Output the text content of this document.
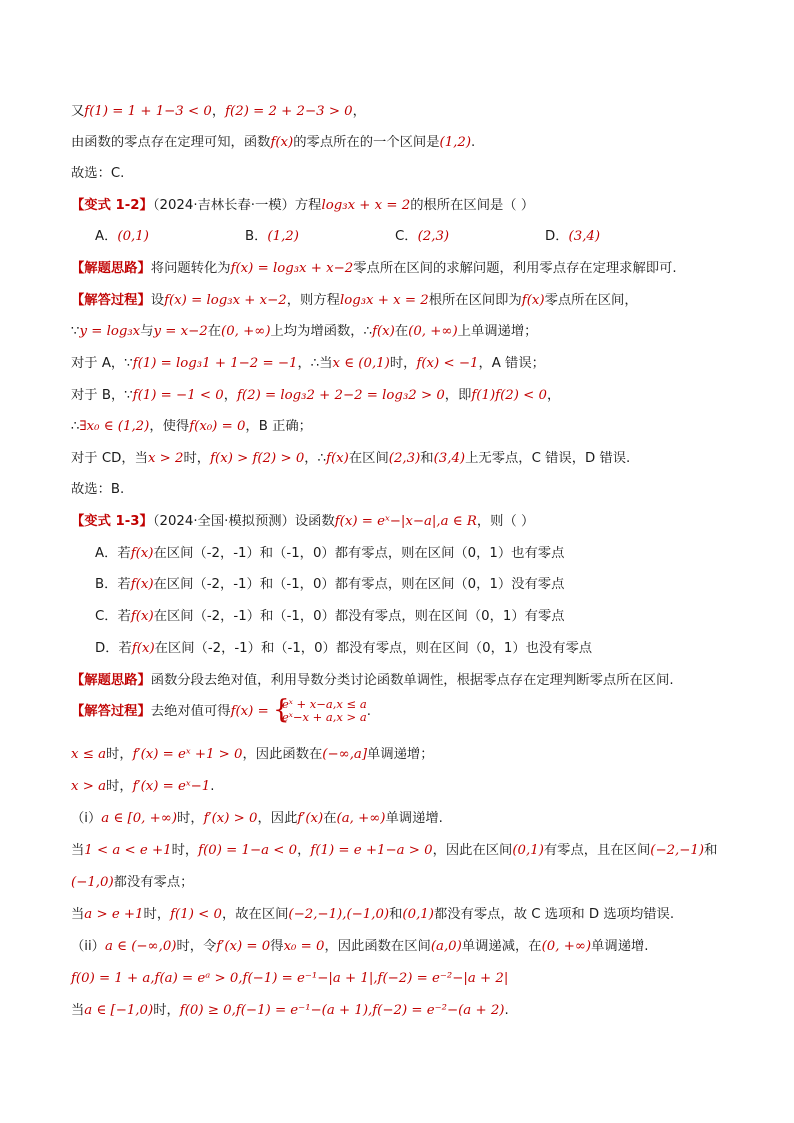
又f(1) = 1 + 1−3 < 0，f(2) = 2 + 2−3 > 0，
由函数的零点存在定理可知，函数f(x)的零点所在的一个区间是(1,2).
故选：C.
【变式 1-2】（2024·吉林长春·一模）方程log₃x + x = 2的根所在区间是（ ）
A．(0,1)	B．(1,2)	C．(2,3)	D．(3,4)
【解题思路】将问题转化为f(x) = log₃x + x−2零点所在区间的求解问题，利用零点存在定理求解即可.
【解答过程】设f(x) = log₃x + x−2，则方程log₃x + x = 2根所在区间即为f(x)零点所在区间，
∵y = log₃x与y = x−2在(0, +∞)上均为增函数，∴f(x)在(0, +∞)上单调递增；
对于 A，∵f(1) = log₃1 + 1−2 = −1，∴当x ∈ (0,1)时，f(x) < −1，A 错误；
对于 B，∵f(1) = −1 < 0，f(2) = log₃2 + 2−2 = log₃2 > 0，即f(1)f(2) < 0，
∴∃x₀ ∈ (1,2)，使得f(x₀) = 0，B 正确；
对于 CD，当x > 2时，f(x) > f(2) > 0，∴f(x)在区间(2,3)和(3,4)上无零点，C 错误，D 错误.
故选：B.
【变式 1-3】（2024·全国·模拟预测）设函数f(x) = eˣ−|x−a|,a ∈ R，则（ ）
A．若f(x)在区间（-2，-1）和（-1，0）都有零点，则在区间（0，1）也有零点
B．若f(x)在区间（-2，-1）和（-1，0）都有零点，则在区间（0，1）没有零点
C．若f(x)在区间（-2，-1）和（-1，0）都没有零点，则在区间（0，1）有零点
D．若f(x)在区间（-2，-1）和（-1，0）都没有零点，则在区间（0，1）也没有零点
【解题思路】函数分段去绝对值，利用导数分类讨论函数单调性，根据零点存在定理判断零点所在区间.
【解答过程】去绝对值可得f(x) = {
eˣ + x−a,x ≤ a
eˣ−x + a,x > a .
x ≤ a时，f′(x) = eˣ +1 > 0，因此函数在(−∞,a]单调递增；
x > a时，f′(x) = eˣ−1.
（i）a ∈ [0, +∞)时，f′(x) > 0，因此f′(x)在(a, +∞)单调递增.
当1 < a < e +1时，f(0) = 1−a < 0，f(1) = e +1−a > 0，因此在区间(0,1)有零点，且在区间(−2,−1)和
(−1,0)都没有零点；
当a > e +1时，f(1) < 0，故在区间(−2,−1),(−1,0)和(0,1)都没有零点，故 C 选项和 D 选项均错误.
（ii）a ∈ (−∞,0)时，令f′(x) = 0得x₀ = 0，因此函数在区间(a,0)单调递减，在(0, +∞)单调递增.
f(0) = 1 + a,f(a) = eᵃ > 0,f(−1) = e⁻¹−|a + 1|,f(−2) = e⁻²−|a + 2|
当a ∈ [−1,0)时，f(0) ≥ 0,f(−1) = e⁻¹−(a + 1),f(−2) = e⁻²−(a + 2).
